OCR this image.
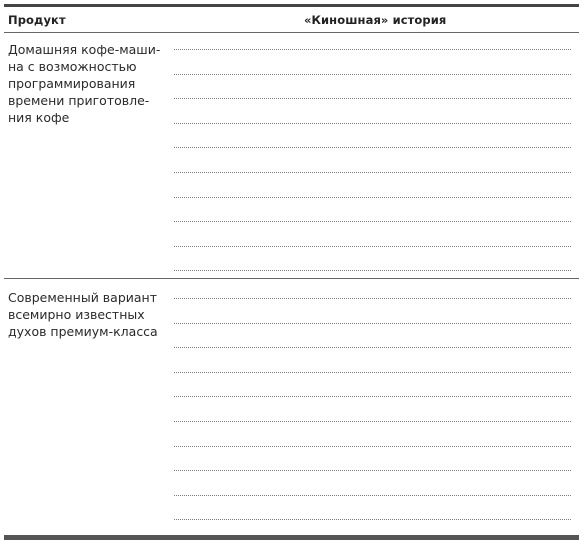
Продукт	«Киношная» история
Домашняя кофе-маши-
на с возможностью
программирования
времени приготовле-
ния кофе
Современный вариант
всемирно известных
духов премиум-класса
